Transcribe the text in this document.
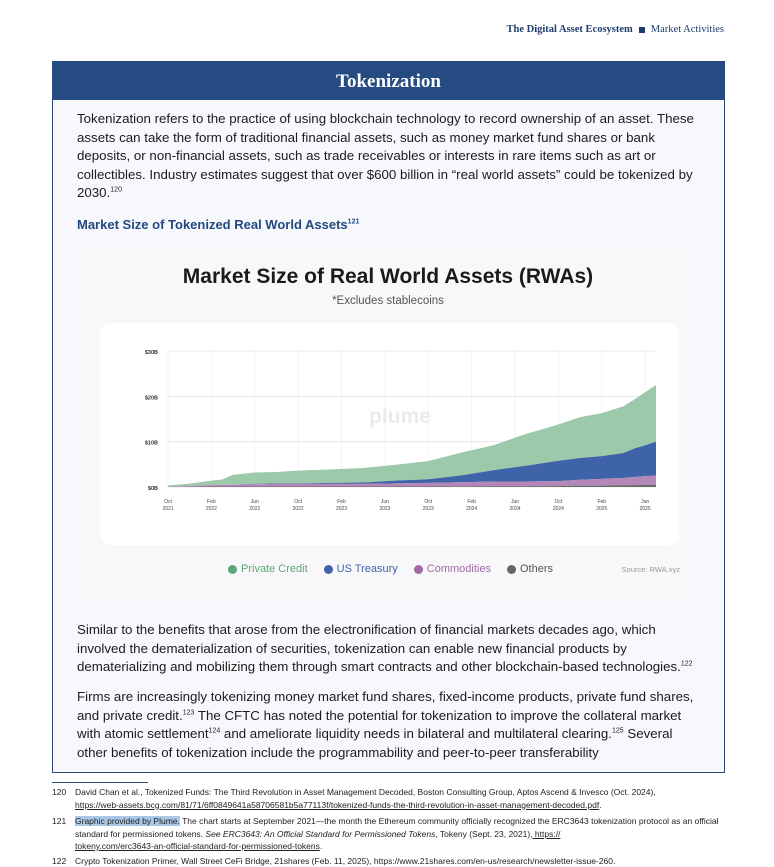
The Digital Asset Ecosystem Market Activities
Tokenization
Tokenization refers to the practice of using blockchain technology to record ownership of an asset. These assets can take the form of traditional financial assets, such as money market fund shares or bank deposits, or non-financial assets, such as trade receivables or interests in rare items such as art or collectibles. Industry estimates suggest that over $600 billion in “real world assets” could be tokenized by 2030.$^{120}$
Market Size of Tokenized Real World Assets$^{121}$
Market Size of Real World Assets (RWAs)
*Excludes stablecoins
$0B
$10B
$20B
$30B
plume
Oct 2021
Feb 2022
Jun 2022
Oct 2022
Feb 2023
Jun 2023
Oct 2023
Feb 2024
Jun 2024
Oct 2024
Feb 2025
Jun 2025
Private Credit	US Treasury	Commodities	Others	Source: RWA.xyz
Similar to the benefits that arose from the electronification of financial markets decades ago, which involved the dematerialization of securities, tokenization can enable new financial products by dematerializing and mobilizing them through smart contracts and other blockchain-based technologies.$^{122}$
Firms are increasingly tokenizing money market fund shares, fixed-income products, private fund shares, and private credit.$^{123}$ The CFTC has noted the potential for tokenization to improve the collateral market with atomic settlement$^{124}$ and ameliorate liquidity needs in bilateral and multilateral clearing.$^{125}$ Several other benefits of tokenization include the programmability and peer-to-peer transferability
120 David Chan et al., Tokenized Funds: The Third Revolution in Asset Management Decoded, Boston Consulting Group, Aptos Ascend & Invesco (Oct. 2024),
https://web-assets.bcg.com/81/71/6ff0849641a58706581b5a77113f/tokenized-funds-the-third-revolution-in-asset-management-decoded.pdf.
121 Graphic provided by Plume. The chart starts at September 2021—the month the Ethereum community officially recognized the ERC3643 tokenization protocol as an official standard for permissioned tokens. See ERC3643: An Official Standard for Permissioned Tokens, Tokeny (Sept. 23, 2021), https://
tokeny.com/erc3643-an-official-standard-for-permissioned-tokens.
122 Crypto Tokenization Primer, Wall Street CeFi Bridge, 21shares (Feb. 11, 2025), https://www.21shares.com/en-us/research/newsletter-issue-260.
